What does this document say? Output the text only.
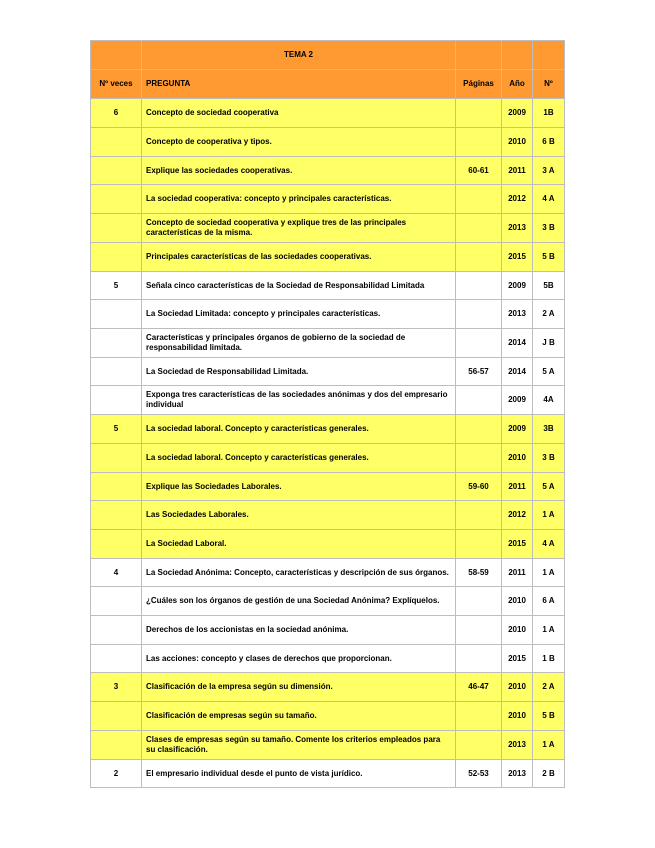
	TEMA 2			
Nº veces	PREGUNTA	Páginas	Año	Nº
6	Concepto de sociedad cooperativa		2009	1B
	Concepto de cooperativa y tipos.		2010	6 B
	Explique las sociedades cooperativas.	60-61	2011	3 A
	La sociedad cooperativa: concepto y principales características.		2012	4 A
	Concepto de sociedad cooperativa y explique tres de las principales características de la misma.		2013	3 B
	Principales características de las sociedades cooperativas.		2015	5 B
5	Señala cinco características de la Sociedad de Responsabilidad Limitada		2009	5B
	La Sociedad Limitada: concepto y principales características.		2013	2 A
	Características y principales órganos de gobierno de la sociedad de responsabilidad limitada.		2014	J B
	La Sociedad de Responsabilidad Limitada.	56-57	2014	5 A
	Exponga tres características de las sociedades anónimas y dos del empresario individual		2009	4A
5	La sociedad laboral. Concepto y características generales.		2009	3B
	La sociedad laboral. Concepto y características generales.		2010	3 B
	Explique las Sociedades Laborales.	59-60	2011	5 A
	Las Sociedades Laborales.		2012	1 A
	La Sociedad Laboral.		2015	4 A
4	La Sociedad Anónima: Concepto, características y descripción de sus órganos.	58-59	2011	1 A
	¿Cuáles son los órganos de gestión de una Sociedad Anónima? Explíquelos.		2010	6 A
	Derechos de los accionistas en la sociedad anónima.		2010	1 A
	Las acciones: concepto y clases de derechos que proporcionan.		2015	1 B
3	Clasificación de la empresa según su dimensión.	46-47	2010	2 A
	Clasificación de empresas según su tamaño.		2010	5 B
	Clases de empresas según su tamaño. Comente los criterios empleados para su clasificación.		2013	1 A
2	El empresario individual desde el punto de vista jurídico.	52-53	2013	2 B
